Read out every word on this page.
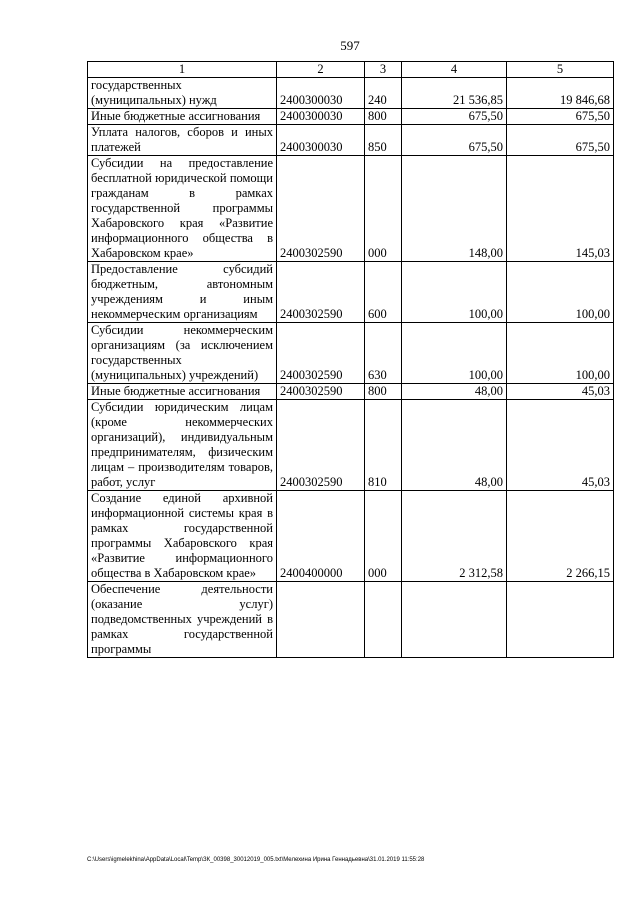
597
1	2	3	4	5
государственных (муниципальных) нужд	2400300030	240	21 536,85	19 846,68
Иные бюджетные ассигнования	2400300030	800	675,50	675,50
Уплата налогов, сборов и иных платежей	2400300030	850	675,50	675,50
Субсидии на предоставление бесплатной юридической помощи гражданам в рамках государственной программы Хабаровского края «Развитие информационного общества в Хабаровском крае»	2400302590	000	148,00	145,03
Предоставление субсидий бюджетным, автономным учреждениям и иным некоммерческим организациям	2400302590	600	100,00	100,00
Субсидии некоммерческим организациям (за исключением государственных (муниципальных) учреждений)	2400302590	630	100,00	100,00
Иные бюджетные ассигнования	2400302590	800	48,00	45,03
Субсидии юридическим лицам (кроме некоммерческих организаций), индивидуальным предпринимателям, физическим лицам – производителям товаров, работ, услуг	2400302590	810	48,00	45,03
Создание единой архивной информационной системы края в рамках государственной программы Хабаровского края «Развитие информационного общества в Хабаровском крае»	2400400000	000	2 312,58	2 266,15
Обеспечение деятельности (оказание услуг) подведомственных учреждений в рамках государственной программы				
C:\Users\igmelekhina\AppData\Local\Temp\ЗК_00398_30012019_005.txt\Мелехина Ирина Геннадьевна\31.01.2019 11:55:28
